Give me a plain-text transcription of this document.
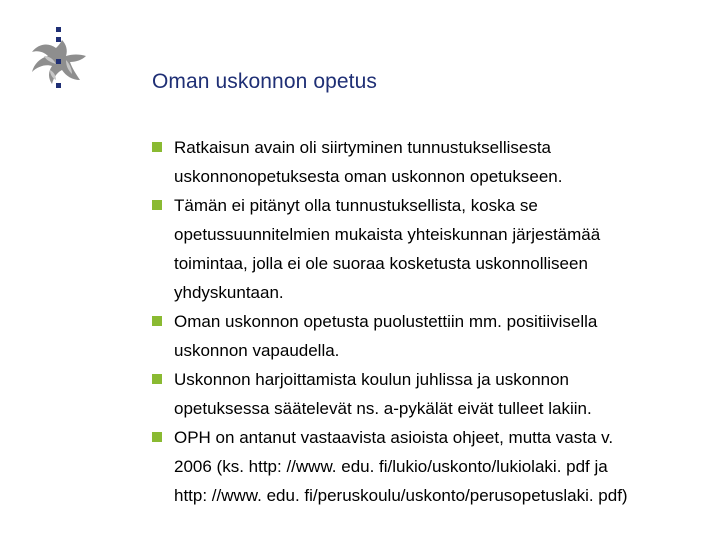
Oman uskonnon opetus
Ratkaisun avain oli siirtyminen tunnustuksellisesta
uskonnonopetuksesta oman uskonnon opetukseen.
Tämän ei pitänyt olla tunnustuksellista, koska se
opetussuunnitelmien mukaista yhteiskunnan järjestämää
toimintaa, jolla ei ole suoraa kosketusta uskonnolliseen
yhdyskuntaan.
Oman uskonnon opetusta puolustettiin mm. positiivisella
uskonnon vapaudella.
Uskonnon harjoittamista koulun juhlissa ja uskonnon
opetuksessa säätelevät ns. a-pykälät eivät tulleet lakiin.
OPH on antanut vastaavista asioista ohjeet, mutta vasta v.
2006 (ks. http: //www. edu. fi/lukio/uskonto/lukiolaki. pdf ja
http: //www. edu. fi/peruskoulu/uskonto/perusopetuslaki. pdf)
